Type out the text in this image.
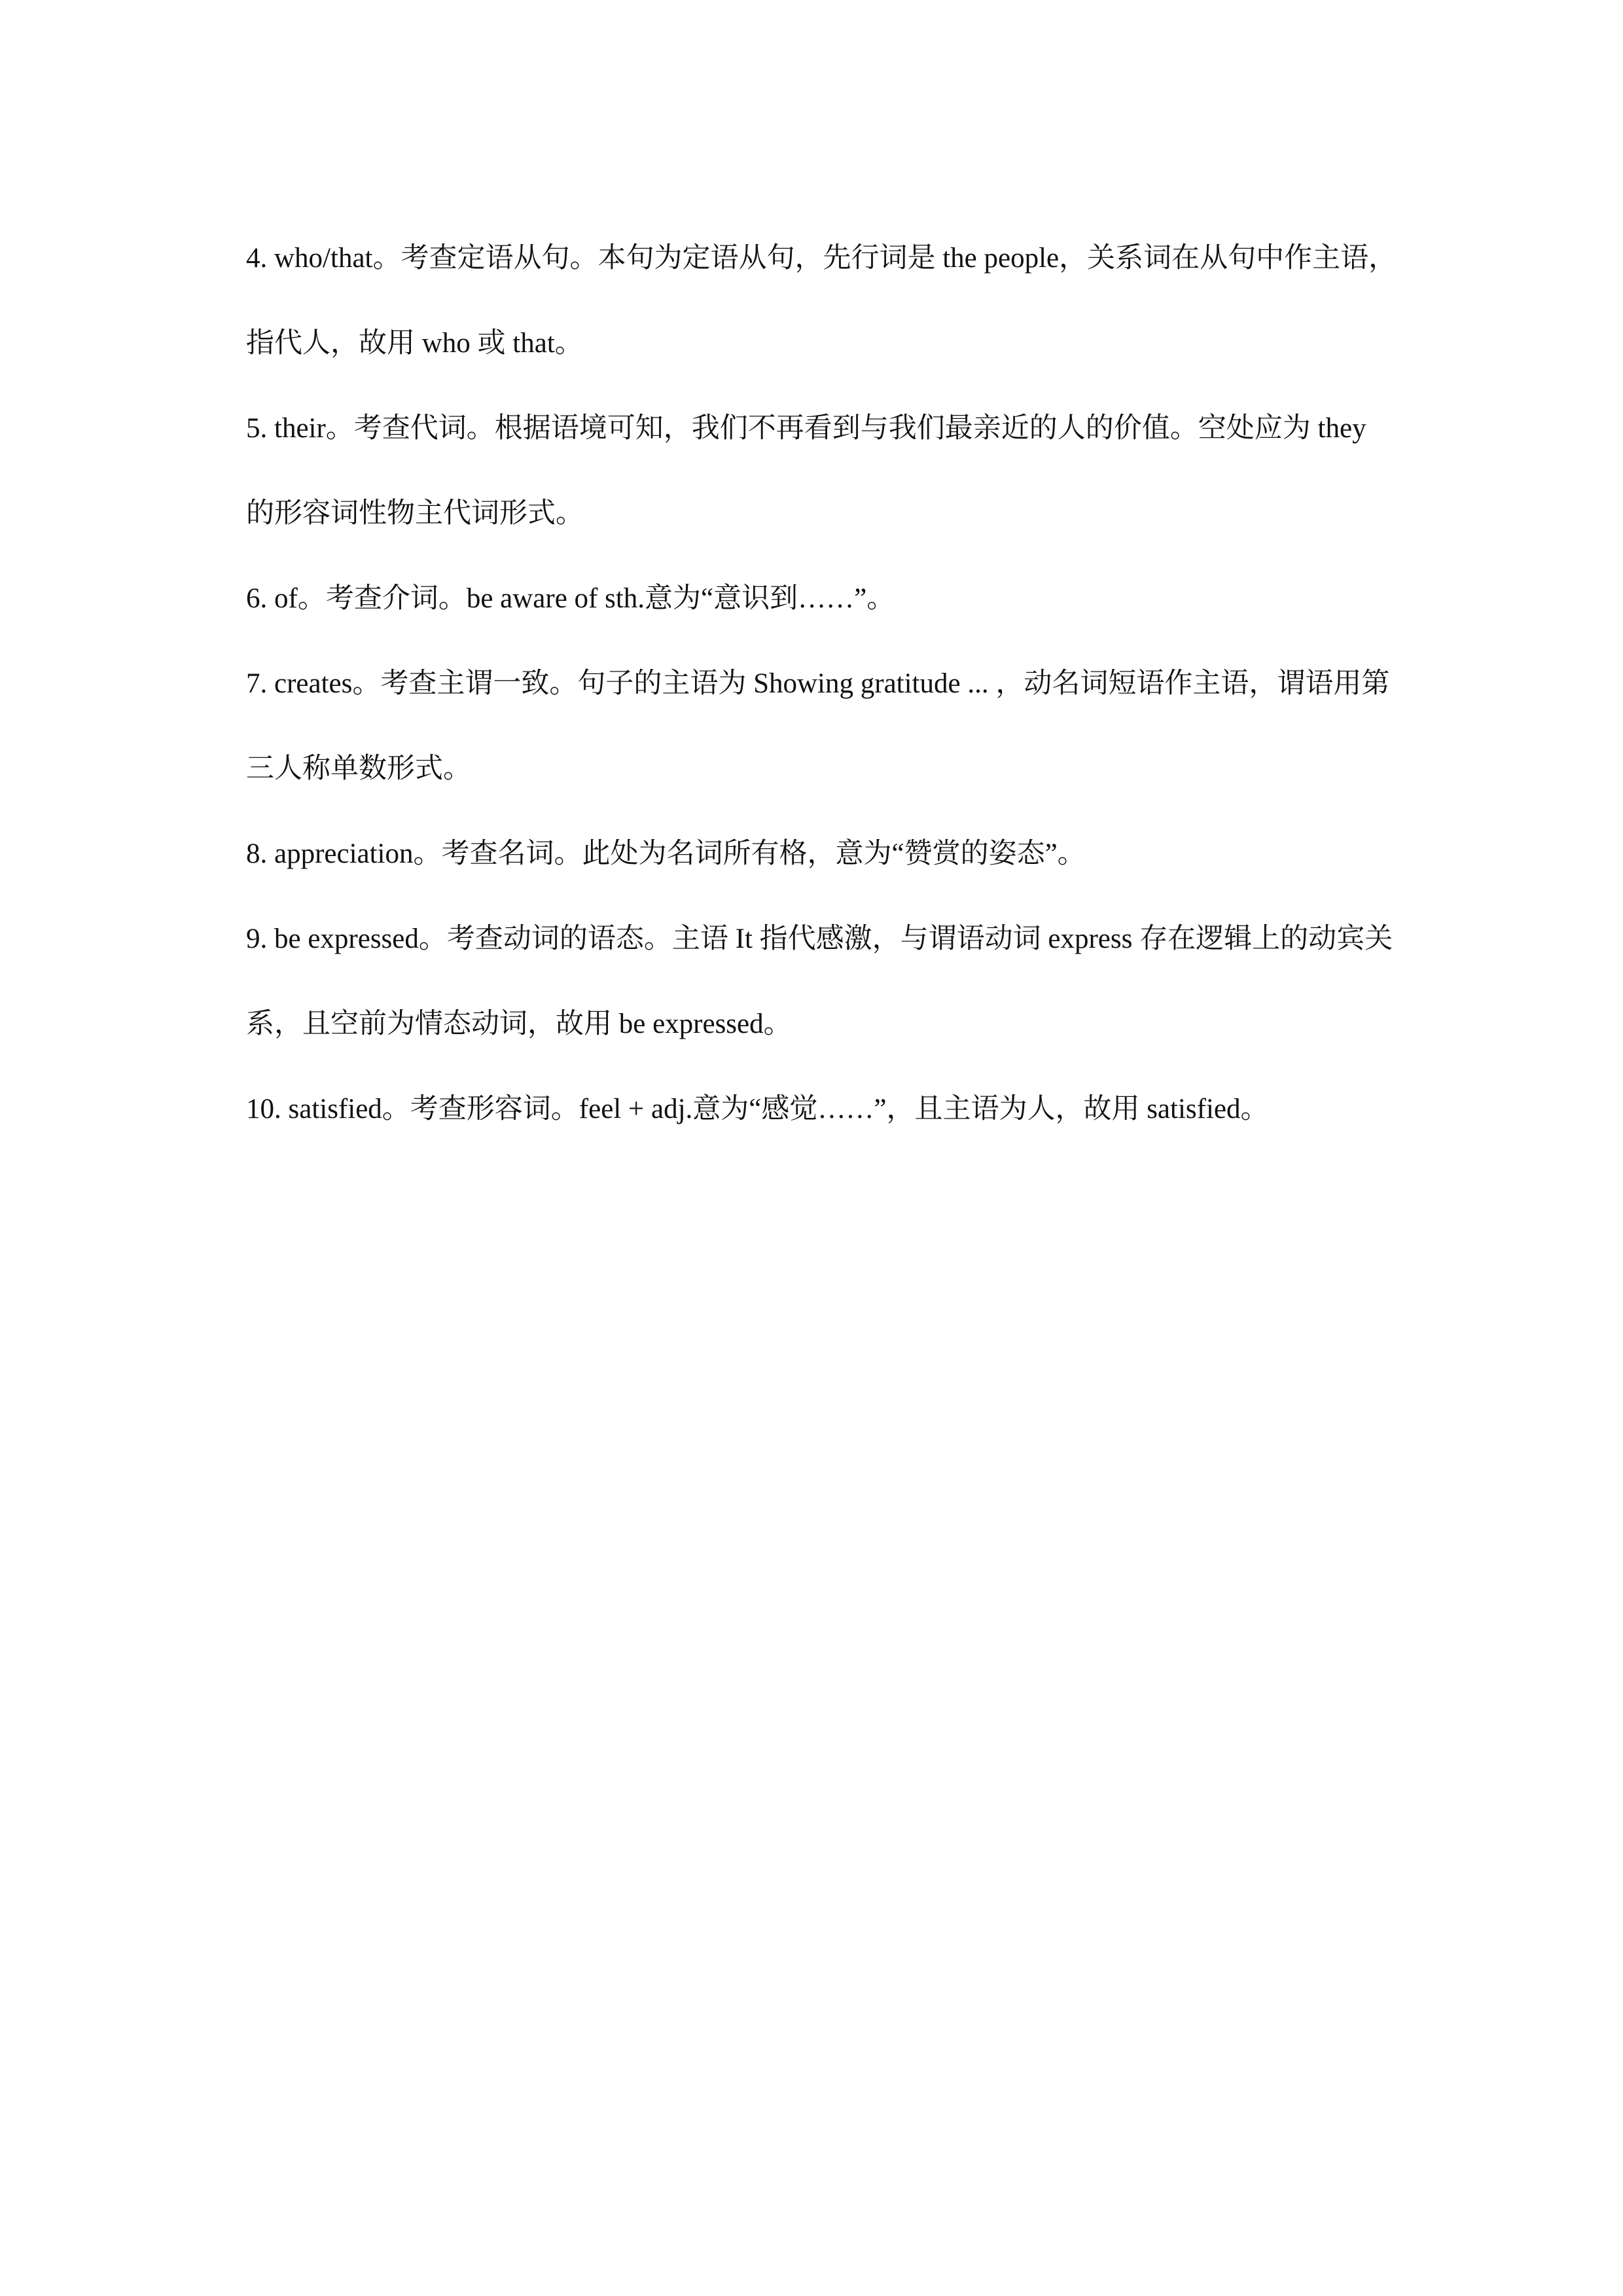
4. who/that。考查定语从句。本句为定语从句，先行词是 the people，关系词在从句中作主语，指代人，故用 who 或 that。

5. their。考查代词。根据语境可知，我们不再看到与我们最亲近的人的价值。空处应为 they 的形容词性物主代词形式。

6. of。考查介词。be aware of sth.意为“意识到……”。

7. creates。考查主谓一致。句子的主语为 Showing gratitude ... ，动名词短语作主语，谓语用第三人称单数形式。

8. appreciation。考查名词。此处为名词所有格，意为“赞赏的姿态”。

9. be expressed。考查动词的语态。主语 It 指代感激，与谓语动词 express 存在逻辑上的动宾关系，且空前为情态动词，故用 be expressed。

10. satisfied。考查形容词。feel + adj.意为“感觉……”，且主语为人，故用 satisfied。
